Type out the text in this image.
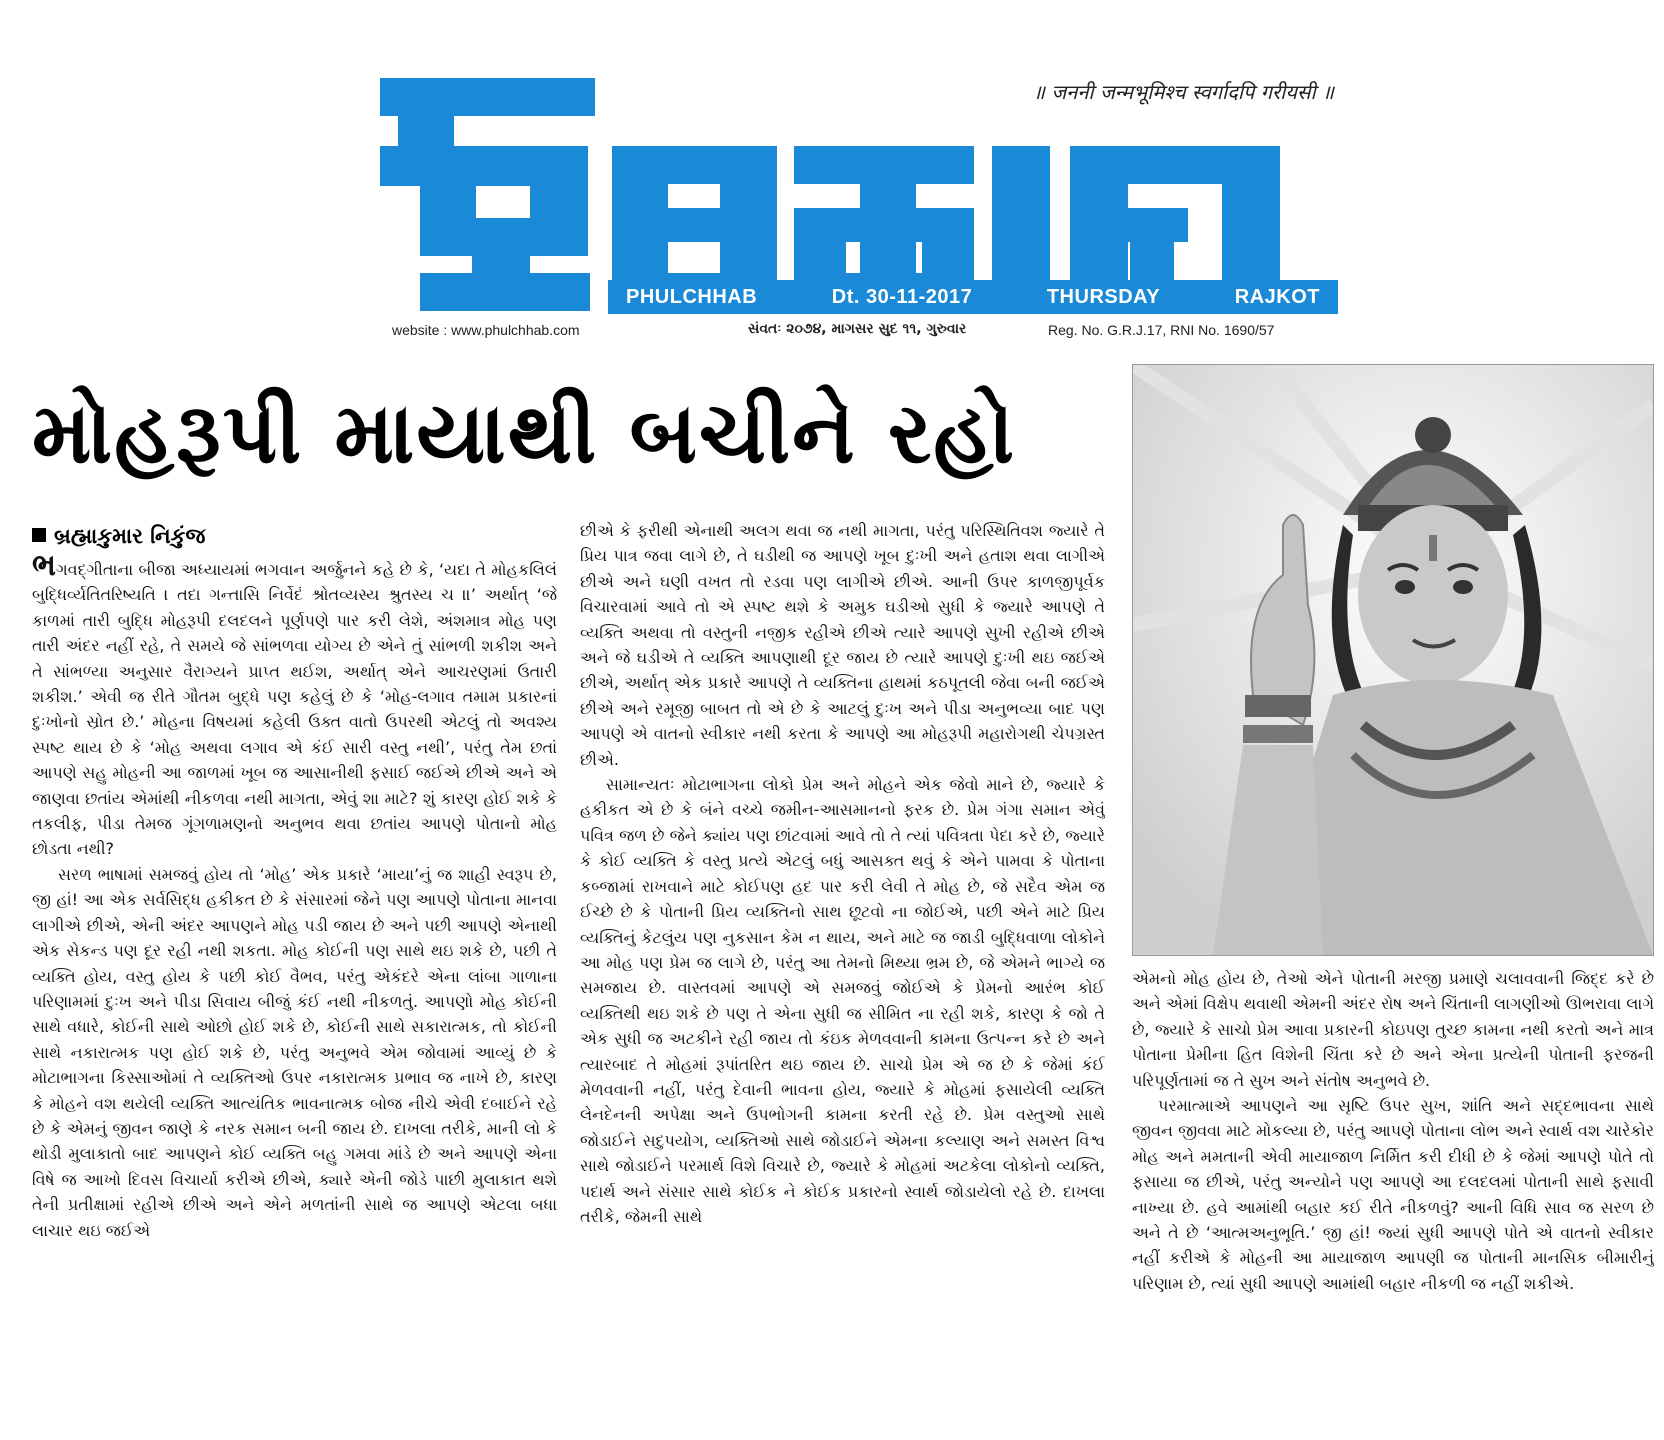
॥ जननी जन्मभूमिश्च स्वर्गादपि गरीयसी ॥
PHULCHHAB	Dt. 30-11-2017	THURSDAY	RAJKOT
website : www.phulchhab.com	સંવતઃ ૨૦૭૪, માગસર સુદ ૧૧, ગુરુવાર	Reg. No. G.R.J.17, RNI No. 1690/57
મોહરૂપી માયાથી બચીને રહો
બ્રહ્માકુમાર નિકુંજ

ભગવદ્‌ગીતાના બીજા અધ્યાયમાં ભગવાન અર્જુનને કહે છે કે, ‘યદા તે મોહકલિલં બુદ્ધિર્વ્યતિતરિષ્યતિ । તદા ગન્તાસિ નિર્વેદં શ્રોતવ્યસ્ય શ્રુતસ્ય ચ ॥’ અર્થાત્ ‘જે કાળમાં તારી બુદ્ધિ મોહરૂપી દલદલને પૂર્ણપણે પાર કરી લેશે, અંશમાત્ર મોહ પણ તારી અંદર નહીં રહે, તે સમયે જે સાંભળવા યોગ્ય છે એને તું સાંભળી શકીશ અને તે સાંભળ્યા અનુસાર વૈરાગ્યને પ્રાપ્ત થઈશ, અર્થાત્ એને આચરણમાં ઉતારી શકીશ.’ એવી જ રીતે ગૌતમ બુદ્ધે પણ કહેલું છે કે ‘મોહ-લગાવ તમામ પ્રકારનાં દુઃખોનો સ્રોત છે.’ મોહના વિષયમાં કહેલી ઉક્ત વાતો ઉપરથી એટલું તો અવશ્ય સ્પષ્ટ થાય છે કે ‘મોહ અથવા લગાવ એ કંઈ સારી વસ્તુ નથી’, પરંતુ તેમ છતાં આપણે સહુ મોહની આ જાળમાં ખૂબ જ આસાનીથી ફસાઈ જઈએ છીએ અને એ જાણવા છતાંય એમાંથી નીકળવા નથી માગતા, એવું શા માટે? શું કારણ હોઈ શકે કે તકલીફ, પીડા તેમજ ગૂંગળામણનો અનુભવ થવા છતાંય આપણે પોતાનો મોહ છોડતા નથી?

સરળ ભાષામાં સમજવું હોય તો ‘મોહ’ એક પ્રકારે ‘માયા’નું જ શાહી સ્વરૂપ છે, જી હાં! આ એક સર્વસિદ્ધ હકીકત છે કે સંસારમાં જેને પણ આપણે પોતાના માનવા લાગીએ છીએ, એની અંદર આપણને મોહ પડી જાય છે અને પછી આપણે એનાથી એક સેકન્ડ પણ દૂર રહી નથી શકતા. મોહ કોઈની પણ સાથે થઇ શકે છે, પછી તે વ્યક્તિ હોય, વસ્તુ હોય કે પછી કોઈ વૈભવ, પરંતુ એકંદરે એના લાંબા ગાળાના પરિણામમાં દુઃખ અને પીડા સિવાય બીજું કંઈ નથી નીકળતું. આપણો મોહ કોઈની સાથે વધારે, કોઈની સાથે ઓછો હોઈ શકે છે, કોઈની સાથે સકારાત્મક, તો કોઈની સાથે નકારાત્મક પણ હોઈ શકે છે, પરંતુ અનુભવે એમ જોવામાં આવ્યું છે કે મોટાભાગના કિસ્સાઓમાં તે વ્યક્તિઓ ઉપર નકારાત્મક પ્રભાવ જ નાખે છે, કારણ કે મોહને વશ થયેલી વ્યક્તિ આત્યંતિક ભાવનાત્મક બોજ નીચે એવી દબાઈને રહે છે કે એમનું જીવન જાણે કે નરક સમાન બની જાય છે. દાખલા તરીકે, માની લો કે થોડી મુલાકાતો બાદ આપણને કોઈ વ્યક્તિ બહુ ગમવા માંડે છે અને આપણે એના વિષે જ આખો દિવસ વિચાર્યા કરીએ છીએ, ક્યારે એની જોડે પાછી મુલાકાત થશે તેની પ્રતીક્ષામાં રહીએ છીએ અને એને મળતાંની સાથે જ આપણે એટલા બધા લાચાર થઇ જઈએ

છીએ કે ફરીથી એનાથી અલગ થવા જ નથી માગતા, પરંતુ પરિસ્થિતિવશ જ્યારે તે પ્રિય પાત્ર જવા લાગે છે, તે ઘડીથી જ આપણે ખૂબ દુઃખી અને હતાશ થવા લાગીએ છીએ અને ઘણી વખત તો રડવા પણ લાગીએ છીએ. આની ઉપર કાળજીપૂર્વક વિચારવામાં આવે તો એ સ્પષ્ટ થશે કે અમુક ઘડીઓ સુધી કે જ્યારે આપણે તે વ્યક્તિ અથવા તો વસ્તુની નજીક રહીએ છીએ ત્યારે આપણે સુખી રહીએ છીએ અને જે ઘડીએ તે વ્યક્તિ આપણાથી દૂર જાય છે ત્યારે આપણે દુઃખી થઇ જઈએ છીએ, અર્થાત્ એક પ્રકારે આપણે તે વ્યક્તિના હાથમાં કઠપૂતલી જેવા બની જઈએ છીએ અને રમૂજી બાબત તો એ છે કે આટલું દુઃખ અને પીડા અનુભવ્યા બાદ પણ આપણે એ વાતનો સ્વીકાર નથી કરતા કે આપણે આ મોહરૂપી મહારોગથી ચેપગ્રસ્ત છીએ.

સામાન્યતઃ મોટાભાગના લોકો પ્રેમ અને મોહને એક જેવો માને છે, જ્યારે કે હકીકત એ છે કે બંને વચ્ચે જમીન-આસમાનનો ફરક છે. પ્રેમ ગંગા સમાન એવું પવિત્ર જળ છે જેને ક્યાંય પણ છાંટવામાં આવે તો તે ત્યાં પવિત્રતા પેદા કરે છે, જ્યારે કે કોઈ વ્યક્તિ કે વસ્તુ પ્રત્યે એટલું બધું આસક્ત થવું કે એને પામવા કે પોતાના કબ્જામાં રાખવાને માટે કોઈપણ હદ પાર કરી લેવી તે મોહ છે, જે સદૈવ એમ જ ઈચ્છે છે કે પોતાની પ્રિય વ્યક્તિનો સાથ છૂટવો ના જોઈએ, પછી એને માટે પ્રિય વ્યક્તિનું કેટલુંય પણ નુકસાન કેમ ન થાય, અને માટે જ જાડી બુદ્ધિવાળા લોકોને આ મોહ પણ પ્રેમ જ લાગે છે, પરંતુ આ તેમનો મિથ્યા ભ્રમ છે, જે એમને ભાગ્યે જ સમજાય છે. વાસ્તવમાં આપણે એ સમજવું જોઈએ કે પ્રેમનો આરંભ કોઈ વ્યક્તિથી થઇ શકે છે પણ તે એના સુધી જ સીમિત ના રહી શકે, કારણ કે જો તે એક સુધી જ અટકીને રહી જાય તો કંઇક મેળવવાની કામના ઉત્પન્ન કરે છે અને ત્યારબાદ તે મોહમાં રૂપાંતરિત થઇ જાય છે. સાચો પ્રેમ એ જ છે કે જેમાં કંઈ મેળવવાની નહીં, પરંતુ દેવાની ભાવના હોય, જ્યારે કે મોહમાં ફસાયેલી વ્યક્તિ લેનદેનની અપેક્ષા અને ઉપભોગની કામના કરતી રહે છે. પ્રેમ વસ્તુઓ સાથે જોડાઈને સદુપયોગ, વ્યક્તિઓ સાથે જોડાઈને એમના કલ્યાણ અને સમસ્ત વિશ્વ સાથે જોડાઈને પરમાર્થ વિશે વિચારે છે, જ્યારે કે મોહમાં અટકેલા લોકોનો વ્યક્તિ, પદાર્થ અને સંસાર સાથે કોઈક ને કોઈક પ્રકારનો સ્વાર્થ જોડાયેલો રહે છે. દાખલા તરીકે, જેમની સાથે

એમનો મોહ હોય છે, તેઓ એને પોતાની મરજી પ્રમાણે ચલાવવાની જિદ્દ કરે છે અને એમાં વિક્ષેપ થવાથી એમની અંદર રોષ અને ચિંતાની લાગણીઓ ઊભરાવા લાગે છે, જ્યારે કે સાચો પ્રેમ આવા પ્રકારની કોઇપણ તુચ્છ કામના નથી કરતો અને માત્ર પોતાના પ્રેમીના હિત વિશેની ચિંતા કરે છે અને એના પ્રત્યેની પોતાની ફરજની પરિપૂર્ણતામાં જ તે સુખ અને સંતોષ અનુભવે છે.

પરમાત્માએ આપણને આ સૃષ્ટિ ઉપર સુખ, શાંતિ અને સદ્દભાવના સાથે જીવન જીવવા માટે મોકલ્યા છે, પરંતુ આપણે પોતાના લોભ અને સ્વાર્થ વશ ચારેકોર મોહ અને મમતાની એવી માયાજાળ નિર્મિત કરી દીધી છે કે જેમાં આપણે પોતે તો ફસાયા જ છીએ, પરંતુ અન્યોને પણ આપણે આ દલદલમાં પોતાની સાથે ફસાવી નાખ્યા છે. હવે આમાંથી બહાર કઈ રીતે નીકળવું? આની વિધિ સાવ જ સરળ છે અને તે છે ‘આત્મઅનુભૂતિ.’ જી હાં! જ્યાં સુધી આપણે પોતે એ વાતનો સ્વીકાર નહીં કરીએ કે મોહની આ માયાજાળ આપણી જ પોતાની માનસિક બીમારીનું પરિણામ છે, ત્યાં સુધી આપણે આમાંથી બહાર નીકળી જ નહીં શકીએ.
